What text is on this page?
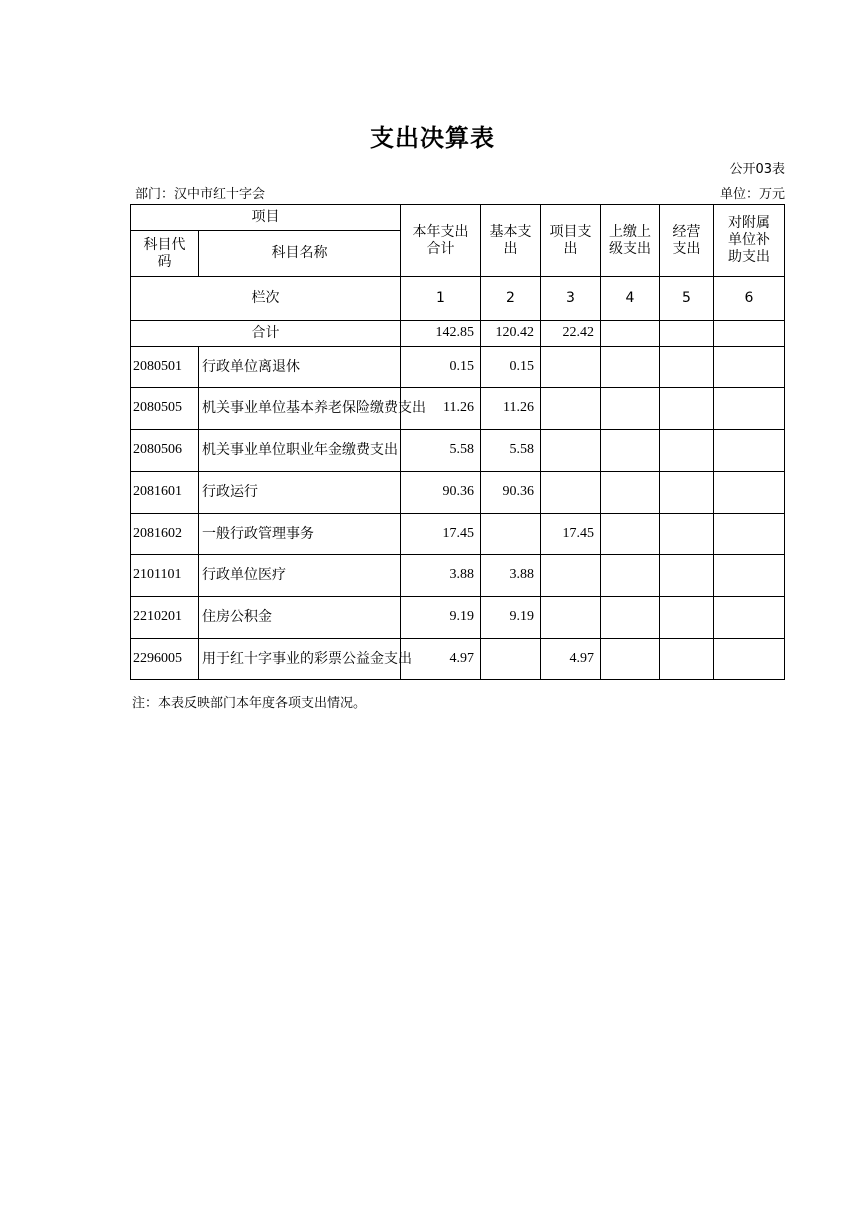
支出决算表
公开03表
部门：汉中市红十字会	单位：万元
项目		本年支出合计	基本支出	项目支出	上缴上级支出	经营支出	对附属单位补助支出
科目代码	科目名称						
栏次		1	2	3	4	5	6
合计		142.85	120.42	22.42			
2080501	行政单位离退休	0.15	0.15				
2080505	机关事业单位基本养老保险缴费支出	11.26	11.26				
2080506	机关事业单位职业年金缴费支出	5.58	5.58				
2081601	行政运行	90.36	90.36				
2081602	一般行政管理事务	17.45		17.45			
2101101	行政单位医疗	3.88	3.88				
2210201	住房公积金	9.19	9.19				
2296005	用于红十字事业的彩票公益金支出	4.97		4.97			
注：本表反映部门本年度各项支出情况。
